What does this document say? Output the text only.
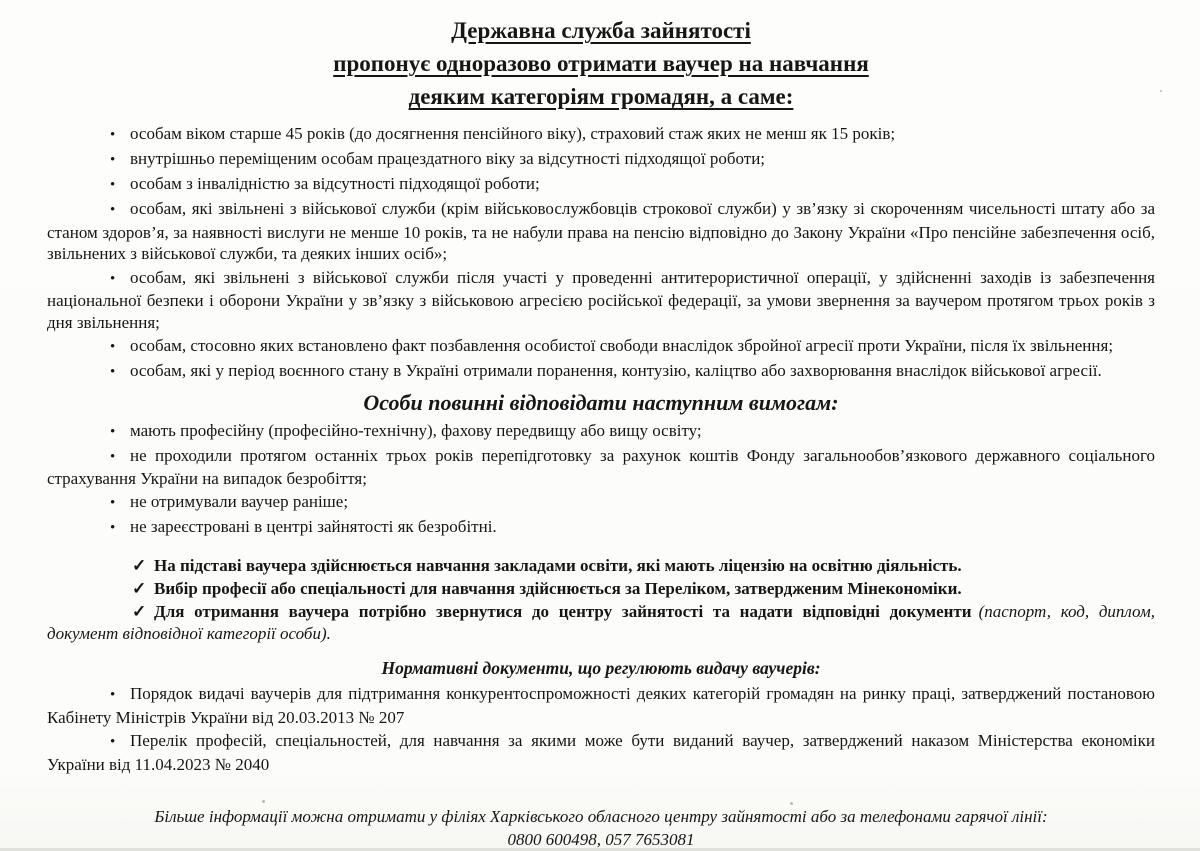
Державна служба зайнятості
пропонує одноразово отримати ваучер на навчання
деяким категоріям громадян, а саме:

• особам віком старше 45 років (до досягнення пенсійного віку), страховий стаж яких не менш як 15 років;

• внутрішньо переміщеним особам працездатного віку за відсутності підходящої роботи;

• особам з інвалідністю за відсутності підходящої роботи;

• особам, які звільнені з військової служби (крім військовослужбовців строкової служби) у зв’язку зі скороченням чисельності штату або за станом здоров’я, за наявності вислуги не менше 10 років, та не набули права на пенсію відповідно до Закону України «Про пенсійне забезпечення осіб, звільнених з військової служби, та деяких інших осіб»;

• особам, які звільнені з військової служби після участі у проведенні антитерористичної операції, у здійсненні заходів із забезпечення національної безпеки і оборони України у зв’язку з військовою агресією російської федерації, за умови звернення за ваучером протягом трьох років з дня звільнення;

• особам, стосовно яких встановлено факт позбавлення особистої свободи внаслідок збройної агресії проти України, після їх звільнення;

• особам, які у період воєнного стану в Україні отримали поранення, контузію, каліцтво або захворювання внаслідок військової агресії.

Особи повинні відповідати наступним вимогам:

• мають професійну (професійно-технічну), фахову передвищу або вищу освіту;

• не проходили протягом останніх трьох років перепідготовку за рахунок коштів Фонду загальнообов’язкового державного соціального страхування України на випадок безробіття;

• не отримували ваучер раніше;

• не зареєстровані в центрі зайнятості як безробітні.

✓ На підставі ваучера здійснюється навчання закладами освіти, які мають ліцензію на освітню діяльність.

✓ Вибір професії або спеціальності для навчання здійснюється за Переліком, затвердженим Мінекономіки.

✓ Для отримання ваучера потрібно звернутися до центру зайнятості та надати відповідні документи (паспорт, код, диплом, документ відповідної категорії особи).

Нормативні документи, що регулюють видачу ваучерів:

• Порядок видачі ваучерів для підтримання конкурентоспроможності деяких категорій громадян на ринку праці, затверджений постановою Кабінету Міністрів України від 20.03.2013 № 207

• Перелік професій, спеціальностей, для навчання за якими може бути виданий ваучер, затверджений наказом Міністерства економіки України від 11.04.2023 № 2040

Більше інформації можна отримати у філіях Харківського обласного центру зайнятості або за телефонами гарячої лінії:

0800 600498, 057 7653081
